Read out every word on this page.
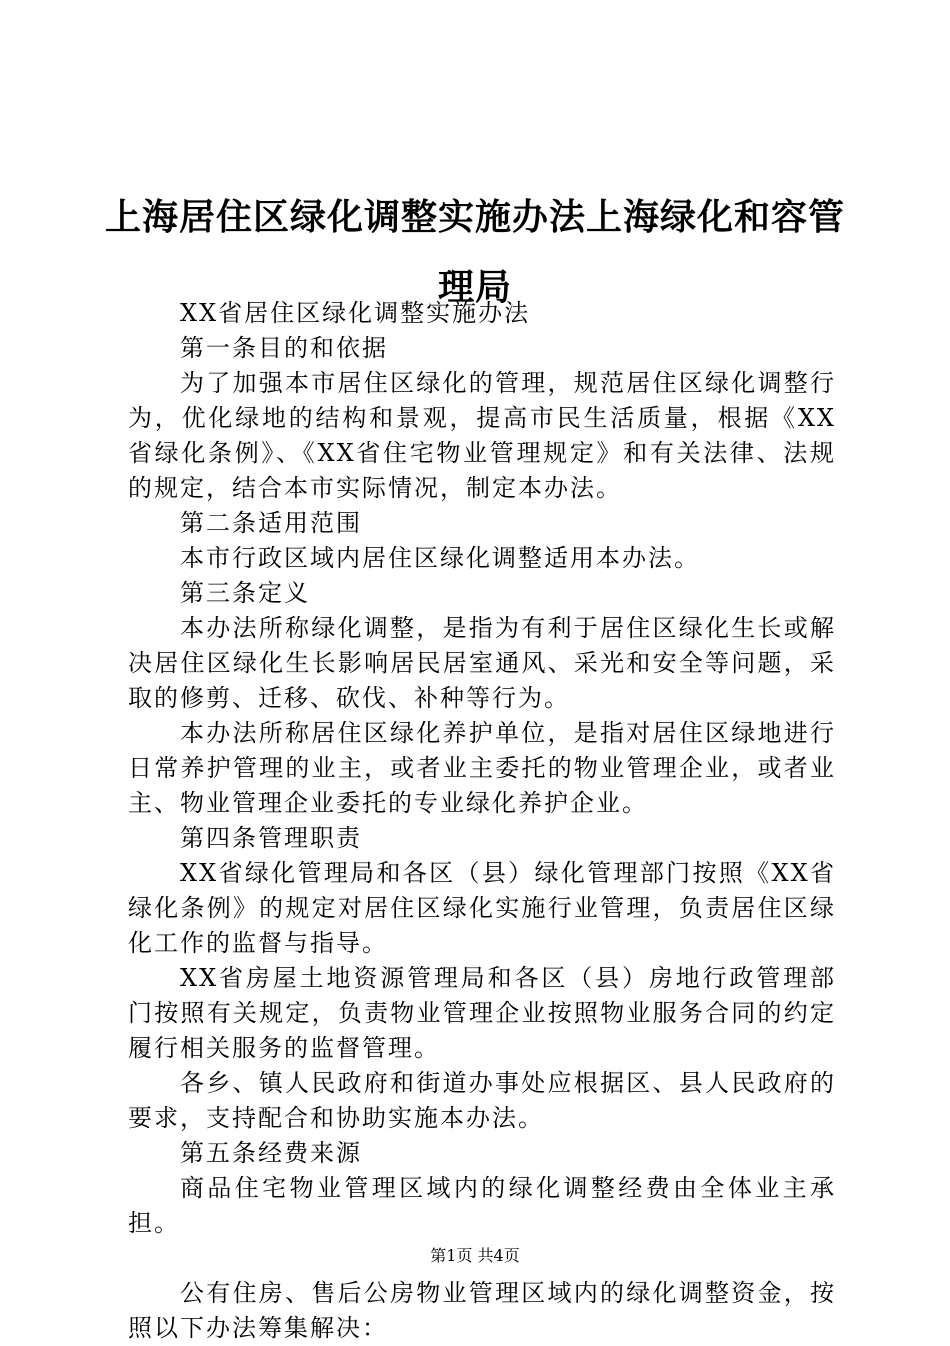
上海居住区绿化调整实施办法上海绿化和容管理局

XX省居住区绿化调整实施办法

第一条目的和依据

为了加强本市居住区绿化的管理，规范居住区绿化调整行为，优化绿地的结构和景观，提高市民生活质量，根据《XX省绿化条例》、《XX省住宅物业管理规定》和有关法律、法规的规定，结合本市实际情况，制定本办法。

第二条适用范围

本市行政区域内居住区绿化调整适用本办法。

第三条定义

本办法所称绿化调整，是指为有利于居住区绿化生长或解决居住区绿化生长影响居民居室通风、采光和安全等问题，采取的修剪、迁移、砍伐、补种等行为。

本办法所称居住区绿化养护单位，是指对居住区绿地进行日常养护管理的业主，或者业主委托的物业管理企业，或者业主、物业管理企业委托的专业绿化养护企业。

第四条管理职责

XX省绿化管理局和各区（县）绿化管理部门按照《XX省绿化条例》的规定对居住区绿化实施行业管理，负责居住区绿化工作的监督与指导。

XX省房屋土地资源管理局和各区（县）房地行政管理部门按照有关规定，负责物业管理企业按照物业服务合同的约定履行相关服务的监督管理。

各乡、镇人民政府和街道办事处应根据区、县人民政府的要求，支持配合和协助实施本办法。

第五条经费来源

商品住宅物业管理区域内的绿化调整经费由全体业主承担。

公有住房、售后公房物业管理区域内的绿化调整资金，按照以下办法筹集解决：

第1页 共4页
